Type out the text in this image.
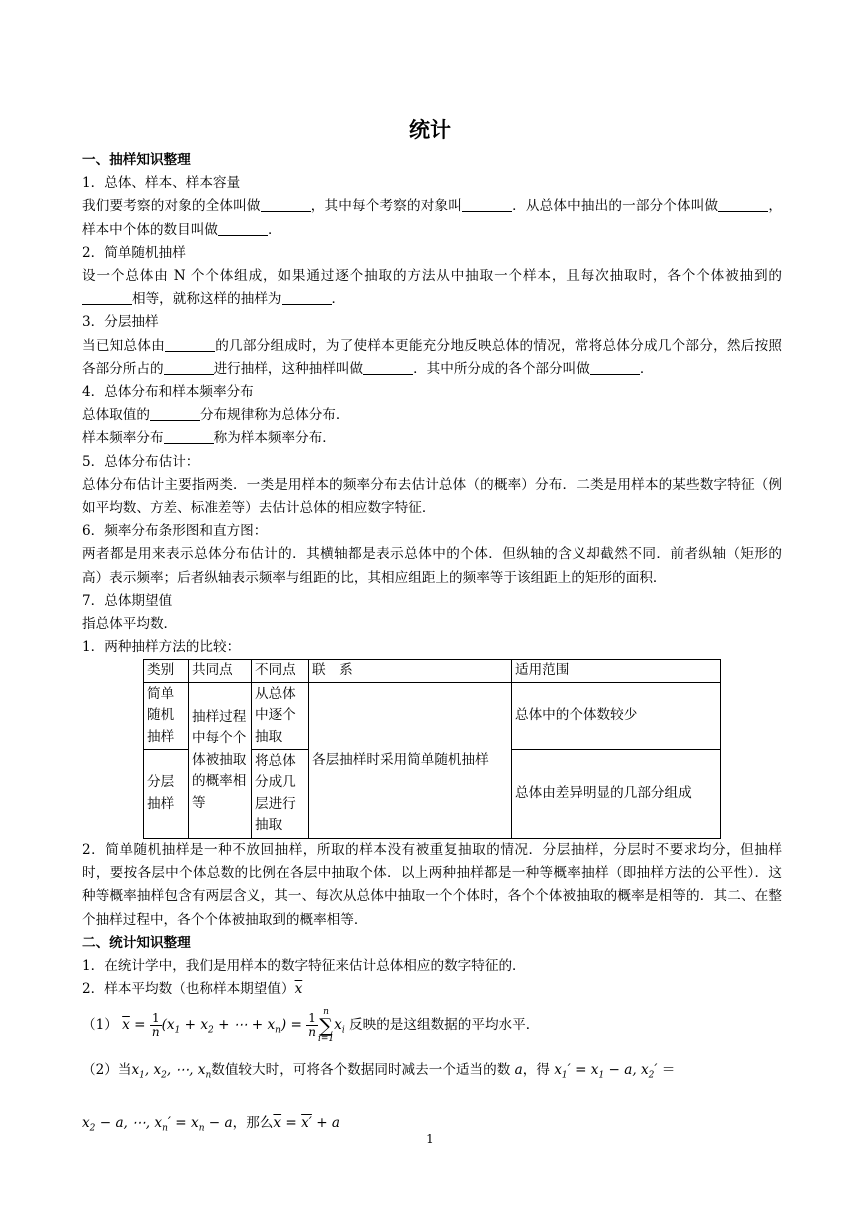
统计
一、抽样知识整理
1．总体、样本、样本容量
我们要考察的对象的全体叫做	，其中每个考察的对象叫	．从总体中抽出的一部分个体叫做	，样本中个体的数目叫做	．
2．简单随机抽样
设一个总体由 N 个个体组成，如果通过逐个抽取的方法从中抽取一个样本，且每次抽取时，各个个体被抽到的相等，就称这样的抽样为	．
3．分层抽样
当已知总体由	的几部分组成时，为了使样本更能充分地反映总体的情况，常将总体分成几个部分，然后按照各部分所占的	进行抽样，这种抽样叫做	．其中所分成的各个部分叫做	．
4．总体分布和样本频率分布
总体取值的	分布规律称为总体分布．
样本频率分布	称为样本频率分布．
5．总体分布估计：
总体分布估计主要指两类．一类是用样本的频率分布去估计总体（的概率）分布．二类是用样本的某些数字特征（例如平均数、方差、标准差等）去估计总体的相应数字特征．
6．频率分布条形图和直方图：
两者都是用来表示总体分布估计的．其横轴都是表示总体中的个体．但纵轴的含义却截然不同．前者纵轴（矩形的高）表示频率；后者纵轴表示频率与组距的比，其相应组距上的频率等于该组距上的矩形的面积．
7．总体期望值
指总体平均数．
1．两种抽样方法的比较：
类别	共同点	不同点	联　系	适用范围
简单随机抽样	抽样过程中每个个体被抽取的概率相等	从总体中逐个抽取	各层抽样时采用简单随机抽样	总体中的个体数较少
分层抽样		将总体分成几层进行抽取		总体由差异明显的几部分组成
2．简单随机抽样是一种不放回抽样，所取的样本没有被重复抽取的情况．分层抽样，分层时不要求均分，但抽样时，要按各层中个体总数的比例在各层中抽取个体．以上两种抽样都是一种等概率抽样（即抽样方法的公平性）．这种等概率抽样包含有两层含义，其一、每次从总体中抽取一个个体时，各个个体被抽取的概率是相等的．其二、在整个抽样过程中，各个个体被抽取到的概率相等．
二、统计知识整理
1．在统计学中，我们是用样本的数字特征来估计总体相应的数字特征的．
2．样本平均数（也称样本期望值）$\overline{x}$
（1） $\overline{x} = \frac{1}{n} (x_1 + x_2$ + ⋯ + $x_n) = \frac{1}{n}$
n
∑
$i=1x_i$ 反映的是这组数据的平均水平．
（2）当$x_1$, $x_2$, ⋯, $x_n$数值较大时，可将各个数据同时减去一个适当的数 a，得 $x_1' = x_1 - a$, $x_2'$ ＝
$x_2 - a$, ⋯, $x_n' = x_n - a$，那么$\overline{x} = x' + a$
1
